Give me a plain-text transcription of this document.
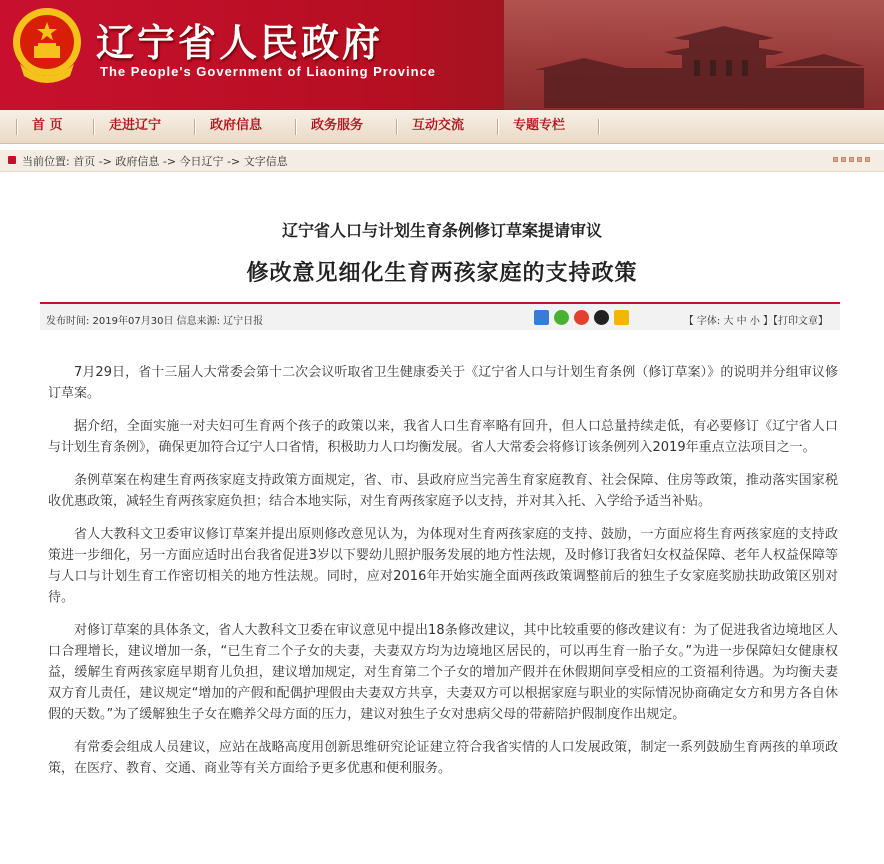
辽宁省人民政府
The People's Government of Liaoning Province
首 页	走进辽宁	政府信息	政务服务	互动交流	专题专栏
当前位置: 首页 -> 政府信息 -> 今日辽宁 -> 文字信息
辽宁省人口与计划生育条例修订草案提请审议
修改意见细化生育两孩家庭的支持政策
发布时间: 2019年07月30日 信息来源: 辽宁日报	【 字体: 大 中 小 】【打印文章】

7月29日，省十三届人大常委会第十二次会议听取省卫生健康委关于《辽宁省人口与计划生育条例（修订草案）》的说明并分组审议修订草案。

据介绍，全面实施一对夫妇可生育两个孩子的政策以来，我省人口生育率略有回升，但人口总量持续走低，有必要修订《辽宁省人口与计划生育条例》，确保更加符合辽宁人口省情，积极助力人口均衡发展。省人大常委会将修订该条例列入2019年重点立法项目之一。

条例草案在构建生育两孩家庭支持政策方面规定，省、市、县政府应当完善生育家庭教育、社会保障、住房等政策，推动落实国家税收优惠政策，减轻生育两孩家庭负担；结合本地实际，对生育两孩家庭予以支持，并对其入托、入学给予适当补贴。

省人大教科文卫委审议修订草案并提出原则修改意见认为，为体现对生育两孩家庭的支持、鼓励，一方面应将生育两孩家庭的支持政策进一步细化，另一方面应适时出台我省促进3岁以下婴幼儿照护服务发展的地方性法规，及时修订我省妇女权益保障、老年人权益保障等与人口与计划生育工作密切相关的地方性法规。同时，应对2016年开始实施全面两孩政策调整前后的独生子女家庭奖励扶助政策区别对待。

对修订草案的具体条文，省人大教科文卫委在审议意见中提出18条修改建议，其中比较重要的修改建议有：为了促进我省边境地区人口合理增长，建议增加一条，“已生育二个子女的夫妻，夫妻双方均为边境地区居民的，可以再生育一胎子女。”为进一步保障妇女健康权益，缓解生育两孩家庭早期育儿负担，建议增加规定，对生育第二个子女的增加产假并在休假期间享受相应的工资福利待遇。为均衡夫妻双方育儿责任，建议规定“增加的产假和配偶护理假由夫妻双方共享，夫妻双方可以根据家庭与职业的实际情况协商确定女方和男方各自休假的天数。”为了缓解独生子女在赡养父母方面的压力，建议对独生子女对患病父母的带薪陪护假制度作出规定。

有常委会组成人员建议，应站在战略高度用创新思维研究论证建立符合我省实情的人口发展政策，制定一系列鼓励生育两孩的单项政策，在医疗、教育、交通、商业等有关方面给予更多优惠和便利服务。
